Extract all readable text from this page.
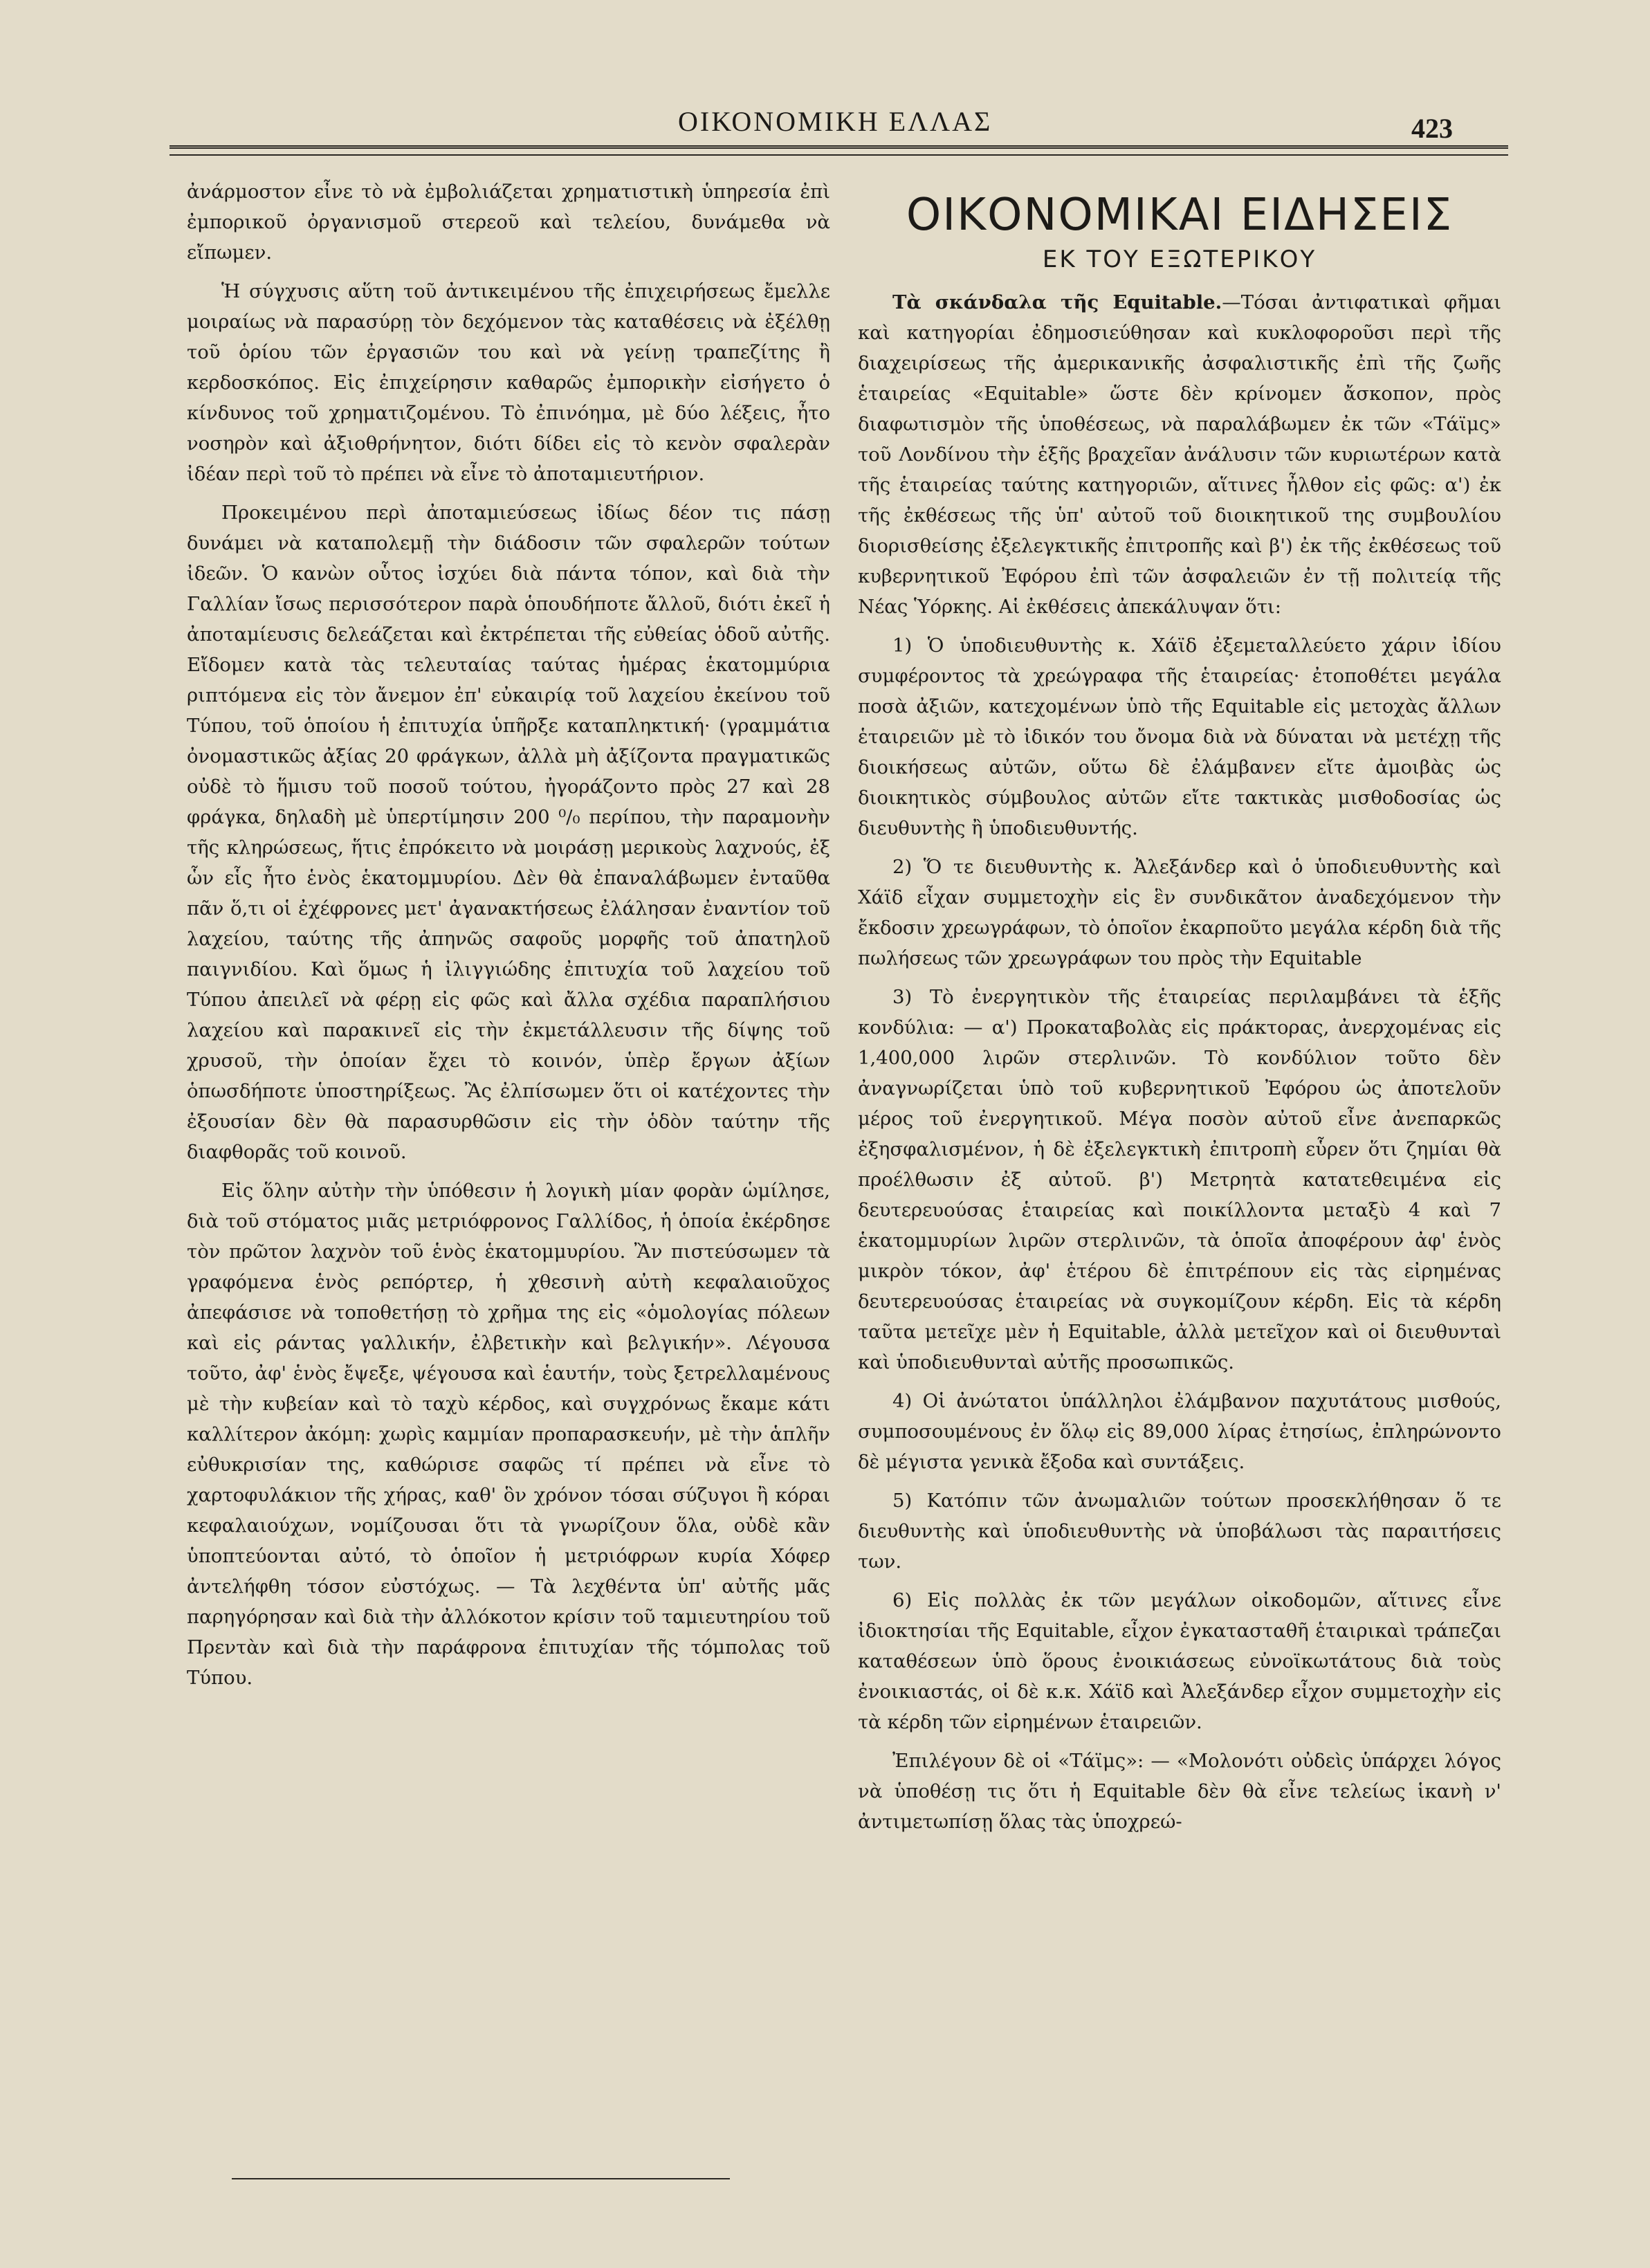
ΟΙΚΟΝΟΜΙΚΗ ΕΛΛΑΣ	423

ἀνάρμοστον εἶνε τὸ νὰ ἐμβολιάζεται χρηματιστικὴ ὑπηρεσία ἐπὶ ἐμπορικοῦ ὀργανισμοῦ στερεοῦ καὶ τελείου, δυνάμεθα νὰ εἴπωμεν.

Ἡ σύγχυσις αὕτη τοῦ ἀντικειμένου τῆς ἐπιχειρήσεως ἔμελλε μοιραίως νὰ παρασύρῃ τὸν δεχόμενον τὰς καταθέσεις νὰ ἐξέλθῃ τοῦ ὁρίου τῶν ἐργασιῶν του καὶ νὰ γείνῃ τραπεζίτης ἢ κερδοσκόπος. Εἰς ἐπιχείρησιν καθαρῶς ἐμπορικὴν εἰσήγετο ὁ κίνδυνος τοῦ χρηματιζομένου. Τὸ ἐπινόημα, μὲ δύο λέξεις, ἦτο νοσηρὸν καὶ ἀξιοθρήνητον, διότι δίδει εἰς τὸ κενὸν σφαλερὰν ἰδέαν περὶ τοῦ τὸ πρέπει νὰ εἶνε τὸ ἀποταμιευτήριον.

Προκειμένου περὶ ἀποταμιεύσεως ἰδίως δέον τις πάσῃ δυνάμει νὰ καταπολεμῇ τὴν διάδοσιν τῶν σφαλερῶν τούτων ἰδεῶν. Ὁ κανὼν οὗτος ἰσχύει διὰ πάντα τόπον, καὶ διὰ τὴν Γαλλίαν ἴσως περισσότερον παρὰ ὁπουδήποτε ἄλλοῦ, διότι ἐκεῖ ἡ ἀποταμίευσις δελεάζεται καὶ ἐκτρέπεται τῆς εὐθείας ὁδοῦ αὐτῆς. Εἴδομεν κατὰ τὰς τελευταίας ταύτας ἡμέρας ἑκατομμύρια ριπτόμενα εἰς τὸν ἄνεμον ἐπ' εὐκαιρίᾳ τοῦ λαχείου ἐκείνου τοῦ Τύπου, τοῦ ὁποίου ἡ ἐπιτυχία ὑπῆρξε καταπληκτική· (γραμμάτια ὀνομαστικῶς ἀξίας 20 φράγκων, ἀλλὰ μὴ ἀξίζοντα πραγματικῶς οὐδὲ τὸ ἥμισυ τοῦ ποσοῦ τούτου, ἠγοράζοντο πρὸς 27 καὶ 28 φράγκα, δηλαδὴ μὲ ὑπερτίμησιν 200 ⁰/₀ περίπου, τὴν παραμονὴν τῆς κληρώσεως, ἥτις ἐπρόκειτο νὰ μοιράσῃ μερικοὺς λαχνούς, ἐξ ὧν εἷς ἦτο ἑνὸς ἑκατομμυρίου. Δὲν θὰ ἐπαναλάβωμεν ἐνταῦθα πᾶν ὅ,τι οἱ ἐχέφρονες μετ' ἀγανακτήσεως ἐλάλησαν ἐναντίον τοῦ λαχείου, ταύτης τῆς ἀπηνῶς σαφοῦς μορφῆς τοῦ ἀπατηλοῦ παιγνιδίου. Καὶ ὅμως ἡ ἰλιγγιώδης ἐπιτυχία τοῦ λαχείου τοῦ Τύπου ἀπειλεῖ νὰ φέρῃ εἰς φῶς καὶ ἄλλα σχέδια παραπλήσιου λαχείου καὶ παρακινεῖ εἰς τὴν ἐκμετάλλευσιν τῆς δίψης τοῦ χρυσοῦ, τὴν ὁποίαν ἔχει τὸ κοινόν, ὑπὲρ ἔργων ἀξίων ὁπωσδήποτε ὑποστηρίξεως. Ἂς ἐλπίσωμεν ὅτι οἱ κατέχοντες τὴν ἐξουσίαν δὲν θὰ παρασυρθῶσιν εἰς τὴν ὁδὸν ταύτην τῆς διαφθορᾶς τοῦ κοινοῦ.

Εἰς ὅλην αὐτὴν τὴν ὑπόθεσιν ἡ λογικὴ μίαν φορὰν ὡμίλησε, διὰ τοῦ στόματος μιᾶς μετριόφρονος Γαλλίδος, ἡ ὁποία ἐκέρδησε τὸν πρῶτον λαχνὸν τοῦ ἑνὸς ἑκατομμυρίου. Ἂν πιστεύσωμεν τὰ γραφόμενα ἑνὸς ρεπόρτερ, ἡ χθεσινὴ αὐτὴ κεφαλαιοῦχος ἀπεφάσισε νὰ τοποθετήσῃ τὸ χρῆμα της εἰς «ὁμολογίας πόλεων καὶ εἰς ράντας γαλλικήν, ἐλβετικὴν καὶ βελγικήν». Λέγουσα τοῦτο, ἀφ' ἑνὸς ἔψεξε, ψέγουσα καὶ ἑαυτήν, τοὺς ξετρελλαμένους μὲ τὴν κυβείαν καὶ τὸ ταχὺ κέρδος, καὶ συγχρόνως ἔκαμε κάτι καλλίτερον ἀκόμη: χωρὶς καμμίαν προπαρασκευήν, μὲ τὴν ἁπλῆν εὐθυκρισίαν της, καθώρισε σαφῶς τί πρέπει νὰ εἶνε τὸ χαρτοφυλάκιον τῆς χήρας, καθ' ὃν χρόνον τόσαι σύζυγοι ἢ κόραι κεφαλαιούχων, νομίζουσαι ὅτι τὰ γνωρίζουν ὅλα, οὐδὲ κἂν ὑποπτεύονται αὐτό, τὸ ὁποῖον ἡ μετριόφρων κυρία Χόφερ ἀντελήφθη τόσον εὐστόχως. — Τὰ λεχθέντα ὑπ' αὐτῆς μᾶς παρηγόρησαν καὶ διὰ τὴν ἀλλόκοτον κρίσιν τοῦ ταμιευτηρίου τοῦ Πρεντὰν καὶ διὰ τὴν παράφρονα ἐπιτυχίαν τῆς τόμπολας τοῦ Τύπου.

ΟΙΚΟΝΟΜΙΚΑΙ ΕΙΔΗΣΕΙΣ
ΕΚ ΤΟΥ ΕΞΩΤΕΡΙΚΟΥ

Τὰ σκάνδαλα τῆς Equitable.—Τόσαι ἀντιφατικαὶ φῆμαι καὶ κατηγορίαι ἐδημοσιεύθησαν καὶ κυκλοφοροῦσι περὶ τῆς διαχειρίσεως τῆς ἀμερικανικῆς ἀσφαλιστικῆς ἐπὶ τῆς ζωῆς ἑταιρείας «Equitable» ὥστε δὲν κρίνομεν ἄσκοπον, πρὸς διαφωτισμὸν τῆς ὑποθέσεως, νὰ παραλάβωμεν ἐκ τῶν «Τάϊμς» τοῦ Λονδίνου τὴν ἑξῆς βραχεῖαν ἀνάλυσιν τῶν κυριωτέρων κατὰ τῆς ἑταιρείας ταύτης κατηγοριῶν, αἵτινες ἦλθον εἰς φῶς: α') ἐκ τῆς ἐκθέσεως τῆς ὑπ' αὐτοῦ τοῦ διοικητικοῦ της συμβουλίου διορισθείσης ἐξελεγκτικῆς ἐπιτροπῆς καὶ β') ἐκ τῆς ἐκθέσεως τοῦ κυβερνητικοῦ Ἐφόρου ἐπὶ τῶν ἀσφαλειῶν ἐν τῇ πολιτείᾳ τῆς Νέας Ὑόρκης. Αἱ ἐκθέσεις ἀπεκάλυψαν ὅτι:

1) Ὁ ὑποδιευθυντὴς κ. Χάϊδ ἐξεμεταλλεύετο χάριν ἰδίου συμφέροντος τὰ χρεώγραφα τῆς ἑταιρείας· ἐτοποθέτει μεγάλα ποσὰ ἀξιῶν, κατεχομένων ὑπὸ τῆς Equitable εἰς μετοχὰς ἄλλων ἑταιρειῶν μὲ τὸ ἰδικόν του ὄνομα διὰ νὰ δύναται νὰ μετέχῃ τῆς διοικήσεως αὐτῶν, οὕτω δὲ ἐλάμβανεν εἴτε ἀμοιβὰς ὡς διοικητικὸς σύμβουλος αὐτῶν εἴτε τακτικὰς μισθοδοσίας ὡς διευθυντὴς ἢ ὑποδιευθυντής.

2) Ὅ τε διευθυντὴς κ. Ἀλεξάνδερ καὶ ὁ ὑποδιευθυντὴς καὶ Χάϊδ εἶχαν συμμετοχὴν εἰς ἓν συνδικᾶτον ἀναδεχόμενον τὴν ἔκδοσιν χρεωγράφων, τὸ ὁποῖον ἐκαρποῦτο μεγάλα κέρδη διὰ τῆς πωλήσεως τῶν χρεωγράφων του πρὸς τὴν Equitable

3) Τὸ ἐνεργητικὸν τῆς ἑταιρείας περιλαμβάνει τὰ ἑξῆς κονδύλια: — α') Προκαταβολὰς εἰς πράκτορας, ἀνερχομένας εἰς 1,400,000 λιρῶν στερλινῶν. Τὸ κονδύλιον τοῦτο δὲν ἀναγνωρίζεται ὑπὸ τοῦ κυβερνητικοῦ Ἐφόρου ὡς ἀποτελοῦν μέρος τοῦ ἐνεργητικοῦ. Μέγα ποσὸν αὐτοῦ εἶνε ἀνεπαρκῶς ἐξησφαλισμένον, ἡ δὲ ἐξελεγκτικὴ ἐπιτροπὴ εὗρεν ὅτι ζημίαι θὰ προέλθωσιν ἐξ αὐτοῦ. β') Μετρητὰ κατατεθειμένα εἰς δευτερευούσας ἑταιρείας καὶ ποικίλλοντα μεταξὺ 4 καὶ 7 ἑκατομμυρίων λιρῶν στερλινῶν, τὰ ὁποῖα ἀποφέρουν ἀφ' ἑνὸς μικρὸν τόκον, ἀφ' ἑτέρου δὲ ἐπιτρέπουν εἰς τὰς εἰρημένας δευτερευούσας ἑταιρείας νὰ συγκομίζουν κέρδη. Εἰς τὰ κέρδη ταῦτα μετεῖχε μὲν ἡ Equitable, ἀλλὰ μετεῖχον καὶ οἱ διευθυνταὶ καὶ ὑποδιευθυνταὶ αὐτῆς προσωπικῶς.

4) Οἱ ἀνώτατοι ὑπάλληλοι ἐλάμβανον παχυτάτους μισθούς, συμποσουμένους ἐν ὅλῳ εἰς 89,000 λίρας ἐτησίως, ἐπληρώνοντο δὲ μέγιστα γενικὰ ἔξοδα καὶ συντάξεις.

5) Κατόπιν τῶν ἀνωμαλιῶν τούτων προσεκλήθησαν ὅ τε διευθυντὴς καὶ ὑποδιευθυντὴς νὰ ὑποβάλωσι τὰς παραιτήσεις των.

6) Εἰς πολλὰς ἐκ τῶν μεγάλων οἰκοδομῶν, αἵτινες εἶνε ἰδιοκτησίαι τῆς Equitable, εἶχον ἐγκατασταθῆ ἑταιρικαὶ τράπεζαι καταθέσεων ὑπὸ ὅρους ἐνοικιάσεως εὐνοϊκωτάτους διὰ τοὺς ἐνοικιαστάς, οἱ δὲ κ.κ. Χάϊδ καὶ Ἀλεξάνδερ εἶχον συμμετοχὴν εἰς τὰ κέρδη τῶν εἰρημένων ἑταιρειῶν.

Ἐπιλέγουν δὲ οἱ «Τάϊμς»: — «Μολονότι οὐδεὶς ὑπάρχει λόγος νὰ ὑποθέσῃ τις ὅτι ἡ Equitable δὲν θὰ εἶνε τελείως ἱκανὴ ν' ἀντιμετωπίσῃ ὅλας τὰς ὑποχρεώ-
